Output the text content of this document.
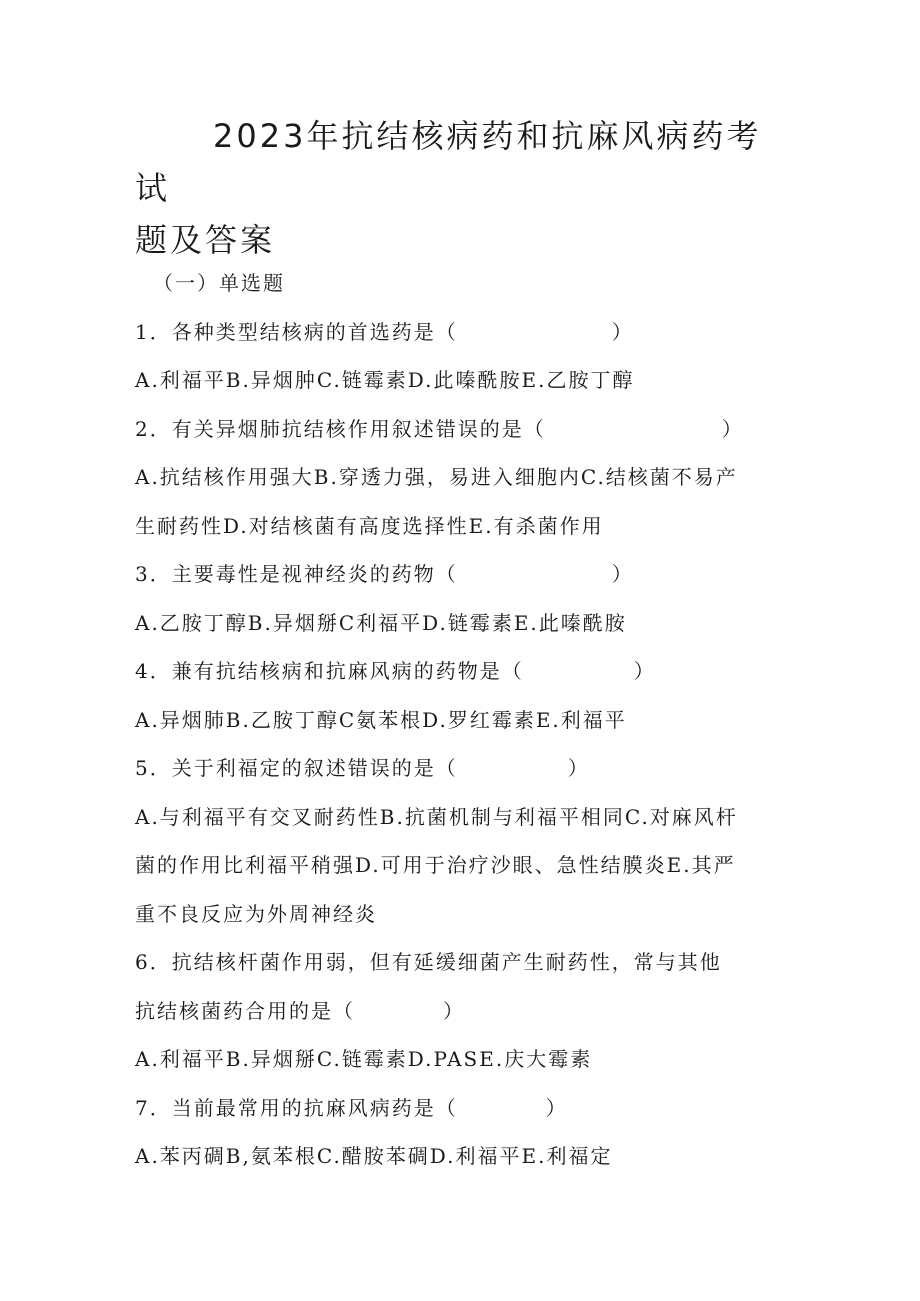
2023年抗结核病药和抗麻风病药考试
题及答案
（一）单选题
1．各种类型结核病的首选药是（　　　　　　　）
A.利福平B.异烟肿C.链霉素D.此嗪酰胺E.乙胺丁醇
2．有关异烟肺抗结核作用叙述错误的是（　　　　　　　　）
A.抗结核作用强大B.穿透力强，易进入细胞内C.结核菌不易产
生耐药性D.对结核菌有高度选择性E.有杀菌作用
3．主要毒性是视神经炎的药物（　　　　　　　）
A.乙胺丁醇B.异烟掰C利福平D.链霉素E.此嗪酰胺
4．兼有抗结核病和抗麻风病的药物是（　　　　　）
A.异烟肺B.乙胺丁醇C氨苯根D.罗红霉素E.利福平
5．关于利福定的叙述错误的是（　　　　　）
A.与利福平有交叉耐药性B.抗菌机制与利福平相同C.对麻风杆
菌的作用比利福平稍强D.可用于治疗沙眼、急性结膜炎E.其严
重不良反应为外周神经炎
6．抗结核杆菌作用弱，但有延缓细菌产生耐药性，常与其他
抗结核菌药合用的是（　　　　）
A.利福平B.异烟掰C.链霉素D.PASE.庆大霉素
7．当前最常用的抗麻风病药是（　　　　）
A.苯丙碉B,氨苯根C.醋胺苯碉D.利福平E.利福定
